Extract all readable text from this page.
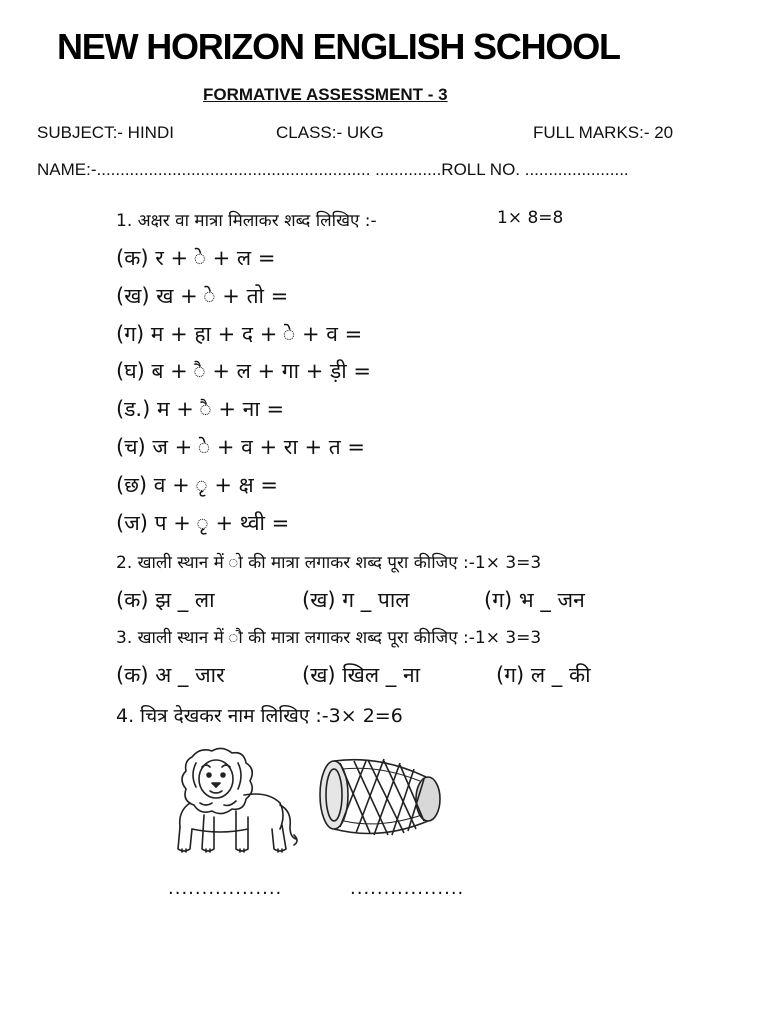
NEW HORIZON ENGLISH SCHOOL
FORMATIVE ASSESSMENT - 3
SUBJECT:- HINDI	CLASS:- UKG	FULL MARKS:- 20
NAME:-.......................................................... ..............ROLL NO. ......................
1. अक्षर वा मात्रा मिलाकर शब्द लिखिए :-	1× 8=8
(क) र + े + ल =
(ख) ख + े + तो =
(ग) म + हा + द + े + व =
(घ) ब + ै + ल + गा + ड़ी =
(ड.) म + ै + ना =
(च) ज + े + व + रा + त =
(छ) व + ृ + क्ष =
(ज) प + ृ + थ्वी =
2. खाली स्थान में ो की मात्रा लगाकर शब्द पूरा कीजिए :-1× 3=3
(क) झ _ ला	(ख) ग _ पाल	(ग) भ _ जन
3. खाली स्थान में ौ की मात्रा लगाकर शब्द पूरा कीजिए :-1× 3=3
(क) अ _ जार	(ख) खिल _ ना	(ग) ल _ की
4. चित्र देखकर नाम लिखिए :-3× 2=6
.................	.................
